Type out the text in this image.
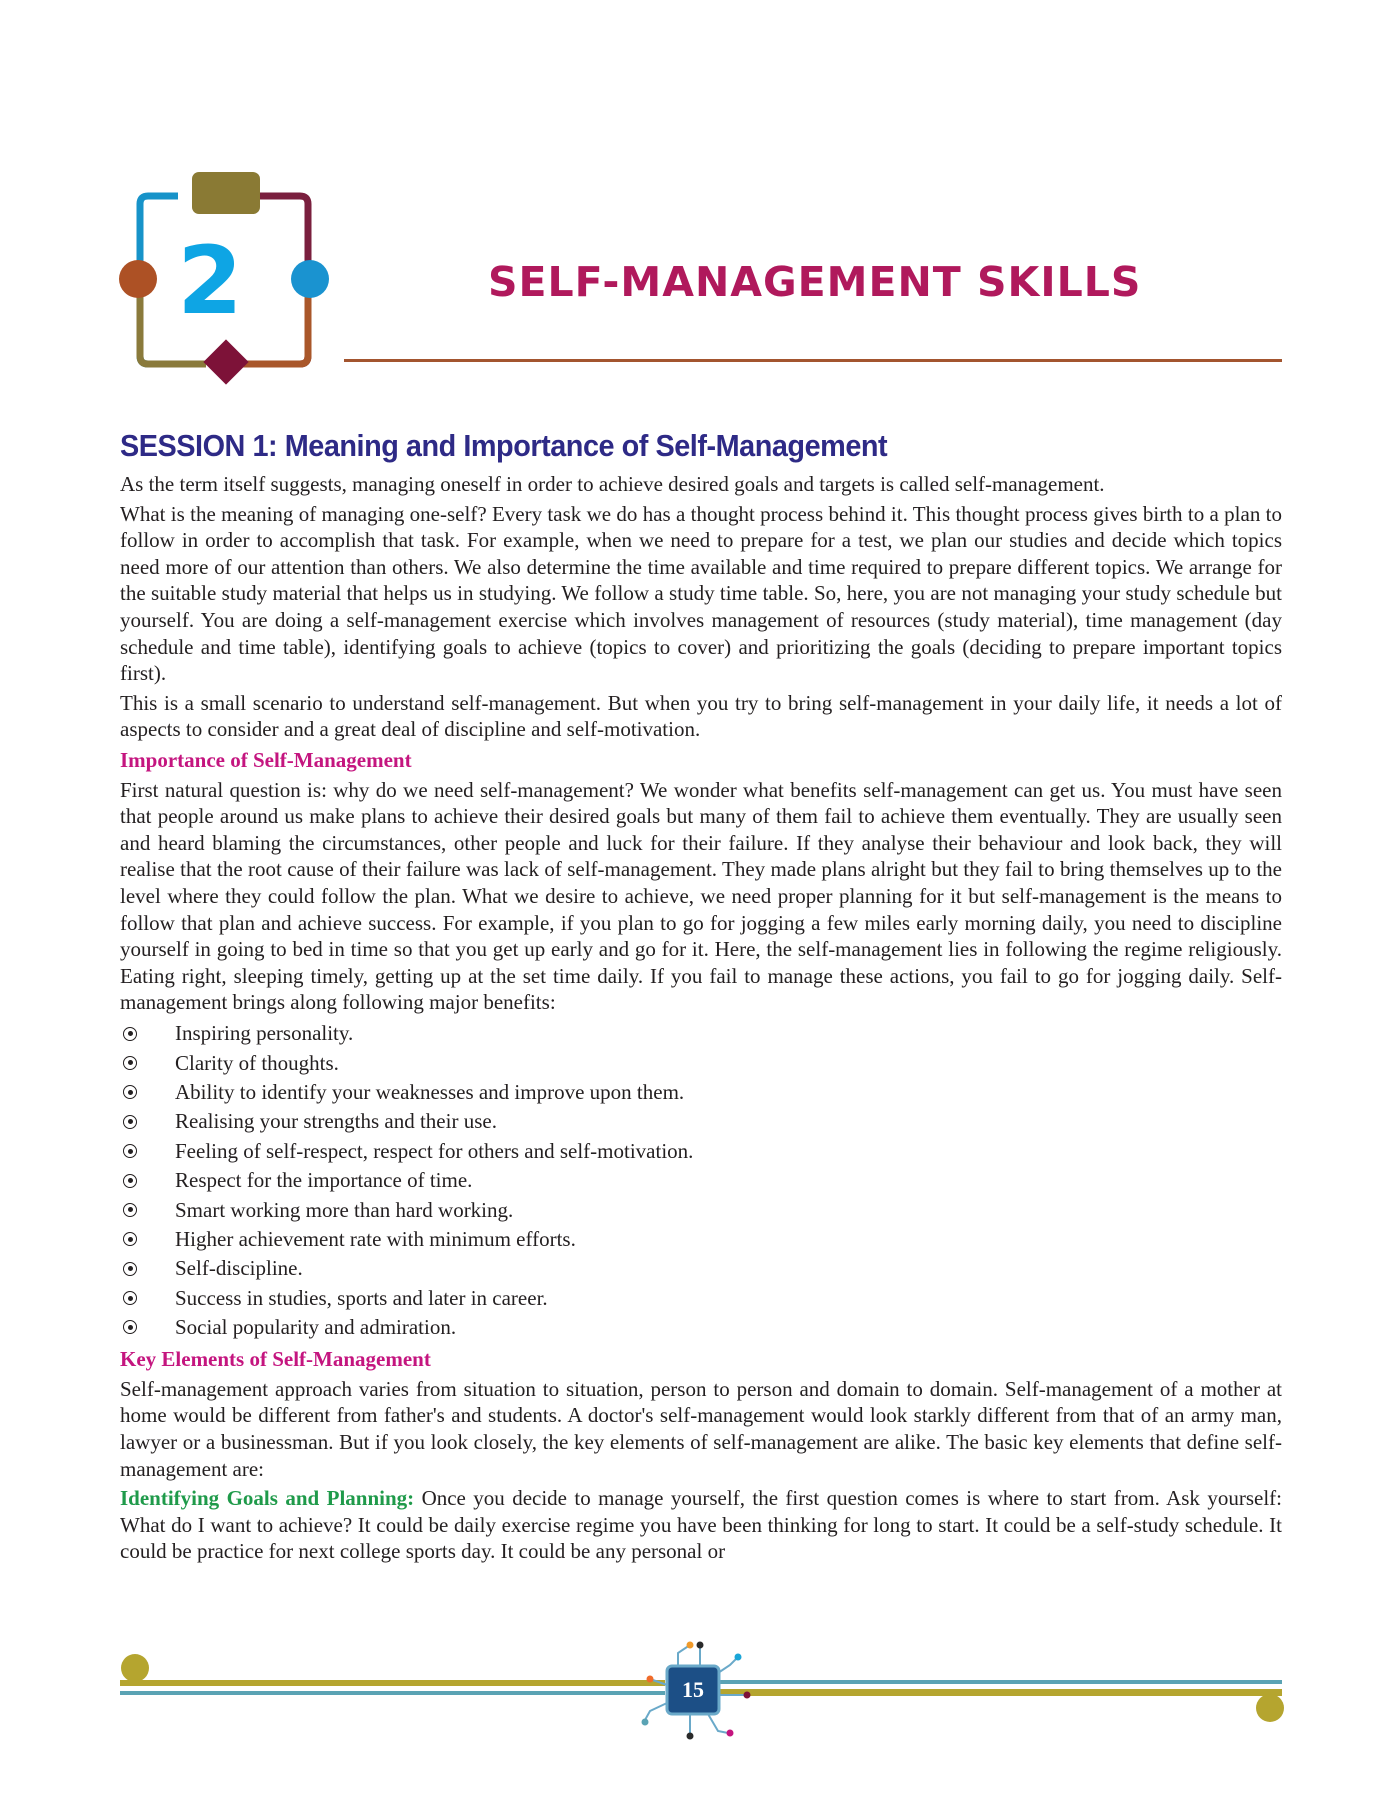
2	SELF-MANAGEMENT SKILLS
SESSION 1: Meaning and Importance of Self-Management

As the term itself suggests, managing oneself in order to achieve desired goals and targets is called self-management.

What is the meaning of managing one-self? Every task we do has a thought process behind it. This thought process gives birth to a plan to follow in order to accomplish that task. For example, when we need to prepare for a test, we plan our studies and decide which topics need more of our attention than others. We also determine the time available and time required to prepare different topics. We arrange for the suitable study material that helps us in studying. We follow a study time table. So, here, you are not managing your study schedule but yourself. You are doing a self-management exercise which involves management of resources (study material), time management (day schedule and time table), identifying goals to achieve (topics to cover) and prioritizing the goals (deciding to prepare important topics first).

This is a small scenario to understand self-management. But when you try to bring self-management in your daily life, it needs a lot of aspects to consider and a great deal of discipline and self-motivation.

Importance of Self-Management

First natural question is: why do we need self-management? We wonder what benefits self-management can get us. You must have seen that people around us make plans to achieve their desired goals but many of them fail to achieve them eventually. They are usually seen and heard blaming the circumstances, other people and luck for their failure. If they analyse their behaviour and look back, they will realise that the root cause of their failure was lack of self-management. They made plans alright but they fail to bring themselves up to the level where they could follow the plan. What we desire to achieve, we need proper planning for it but self-management is the means to follow that plan and achieve success. For example, if you plan to go for jogging a few miles early morning daily, you need to discipline yourself in going to bed in time so that you get up early and go for it. Here, the self-management lies in following the regime religiously. Eating right, sleeping timely, getting up at the set time daily. If you fail to manage these actions, you fail to go for jogging daily. Self-management brings along following major benefits:

Inspiring personality.
Clarity of thoughts.
Ability to identify your weaknesses and improve upon them.
Realising your strengths and their use.
Feeling of self-respect, respect for others and self-motivation.
Respect for the importance of time.
Smart working more than hard working.
Higher achievement rate with minimum efforts.
Self-discipline.
Success in studies, sports and later in career.
Social popularity and admiration.
Key Elements of Self-Management

Self-management approach varies from situation to situation, person to person and domain to domain. Self-management of a mother at home would be different from father's and students. A doctor's self-management would look starkly different from that of an army man, lawyer or a businessman. But if you look closely, the key elements of self-management are alike. The basic key elements that define self-management are:

Identifying Goals and Planning: Once you decide to manage yourself, the first question comes is where to start from. Ask yourself: What do I want to achieve? It could be daily exercise regime you have been thinking for long to start. It could be a self-study schedule. It could be practice for next college sports day. It could be any personal or

15
